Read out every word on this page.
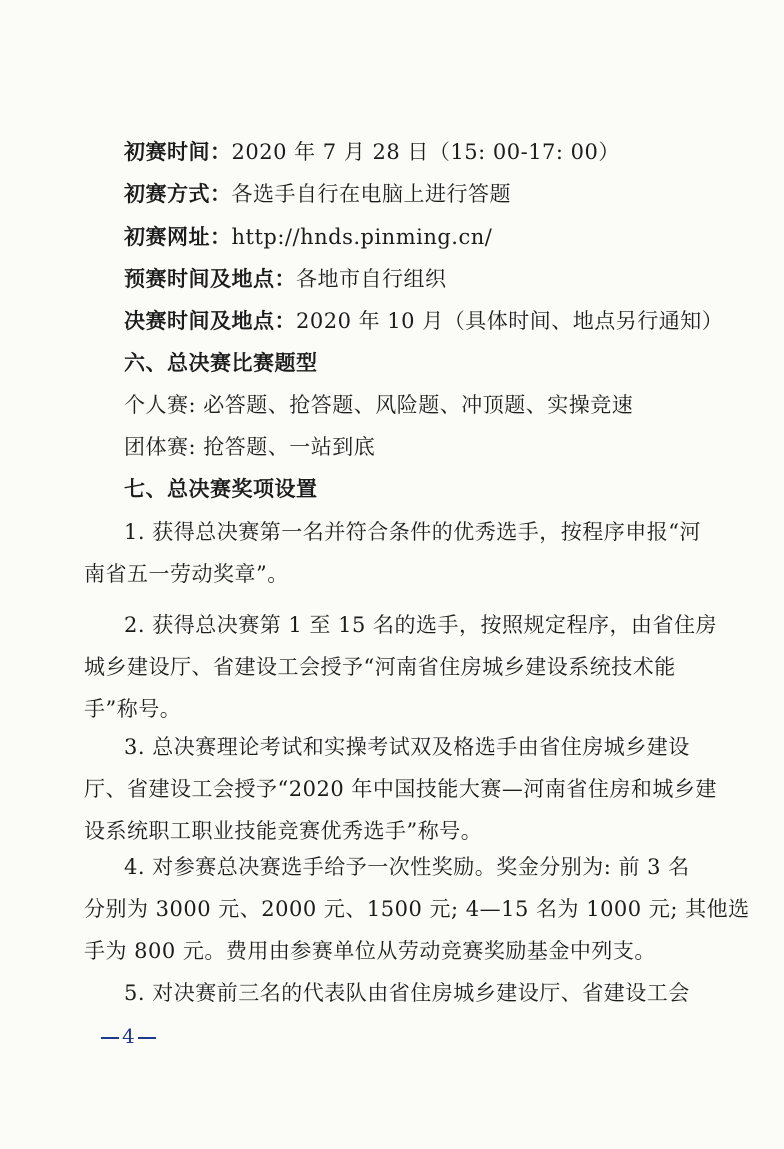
初赛时间：2020 年 7 月 28 日（15: 00-17: 00）
初赛方式：各选手自行在电脑上进行答题
初赛网址：http://hnds.pinming.cn/
预赛时间及地点：各地市自行组织
决赛时间及地点：2020 年 10 月（具体时间、地点另行通知）
六、总决赛比赛题型
个人赛: 必答题、抢答题、风险题、冲顶题、实操竞速
团体赛: 抢答题、一站到底
七、总决赛奖项设置
1. 获得总决赛第一名并符合条件的优秀选手，按程序申报“河
南省五一劳动奖章”。
2. 获得总决赛第 1 至 15 名的选手，按照规定程序，由省住房
城乡建设厅、省建设工会授予“河南省住房城乡建设系统技术能
手”称号。
3. 总决赛理论考试和实操考试双及格选手由省住房城乡建设
厅、省建设工会授予“2020 年中国技能大赛—河南省住房和城乡建
设系统职工职业技能竞赛优秀选手”称号。
4. 对参赛总决赛选手给予一次性奖励。奖金分别为: 前 3 名
分别为 3000 元、2000 元、1500 元; 4—15 名为 1000 元; 其他选
手为 800 元。费用由参赛单位从劳动竞赛奖励基金中列支。
5. 对决赛前三名的代表队由省住房城乡建设厅、省建设工会
4
